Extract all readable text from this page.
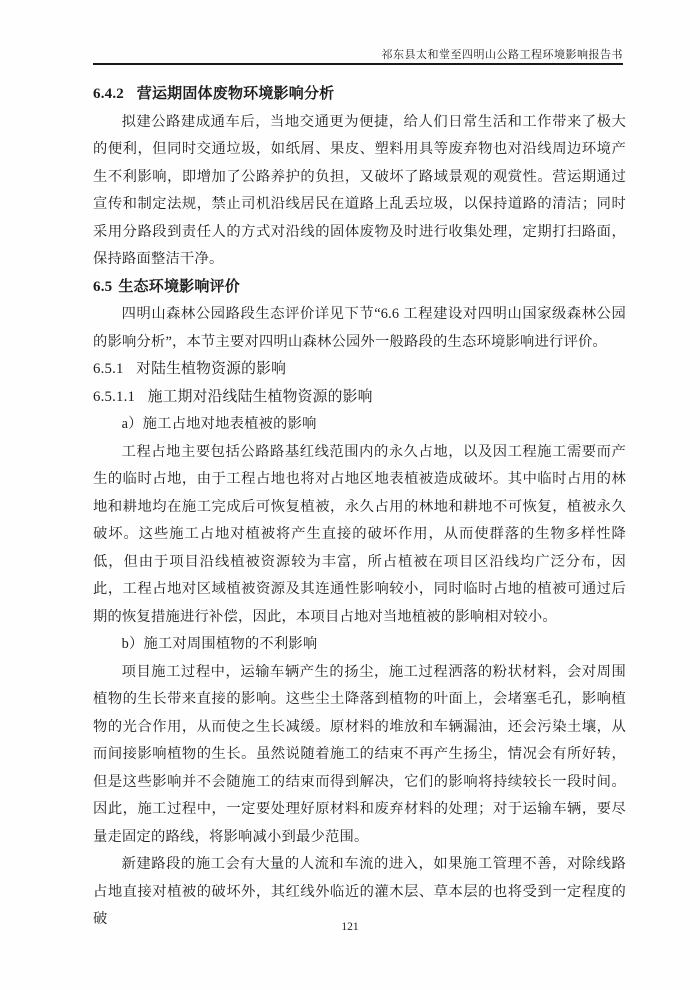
祁东县太和堂至四明山公路工程环境影响报告书

6.4.2 营运期固体废物环境影响分析

拟建公路建成通车后，当地交通更为便捷，给人们日常生活和工作带来了极大的便利，但同时交通垃圾，如纸屑、果皮、塑料用具等废弃物也对沿线周边环境产生不利影响，即增加了公路养护的负担，又破坏了路域景观的观赏性。营运期通过宣传和制定法规，禁止司机沿线居民在道路上乱丢垃圾，以保持道路的清洁；同时采用分路段到责任人的方式对沿线的固体废物及时进行收集处理，定期打扫路面，保持路面整洁干净。

6.5 生态环境影响评价

四明山森林公园路段生态评价详见下节“6.6 工程建设对四明山国家级森林公园的影响分析”，本节主要对四明山森林公园外一般路段的生态环境影响进行评价。

6.5.1 对陆生植物资源的影响

6.5.1.1 施工期对沿线陆生植物资源的影响

a）施工占地对地表植被的影响

工程占地主要包括公路路基红线范围内的永久占地，以及因工程施工需要而产生的临时占地，由于工程占地也将对占地区地表植被造成破坏。其中临时占用的林地和耕地均在施工完成后可恢复植被，永久占用的林地和耕地不可恢复，植被永久破坏。这些施工占地对植被将产生直接的破坏作用，从而使群落的生物多样性降低，但由于项目沿线植被资源较为丰富，所占植被在项目区沿线均广泛分布，因此，工程占地对区域植被资源及其连通性影响较小，同时临时占地的植被可通过后期的恢复措施进行补偿，因此，本项目占地对当地植被的影响相对较小。

b）施工对周围植物的不利影响

项目施工过程中，运输车辆产生的扬尘，施工过程洒落的粉状材料，会对周围植物的生长带来直接的影响。这些尘土降落到植物的叶面上，会堵塞毛孔，影响植物的光合作用，从而使之生长减缓。原材料的堆放和车辆漏油，还会污染土壤，从而间接影响植物的生长。虽然说随着施工的结束不再产生扬尘，情况会有所好转，但是这些影响并不会随施工的结束而得到解决，它们的影响将持续较长一段时间。因此，施工过程中，一定要处理好原材料和废弃材料的处理；对于运输车辆，要尽量走固定的路线，将影响减小到最少范围。

新建路段的施工会有大量的人流和车流的进入，如果施工管理不善，对除线路占地直接对植被的破坏外，其红线外临近的灌木层、草本层的也将受到一定程度的破	121
